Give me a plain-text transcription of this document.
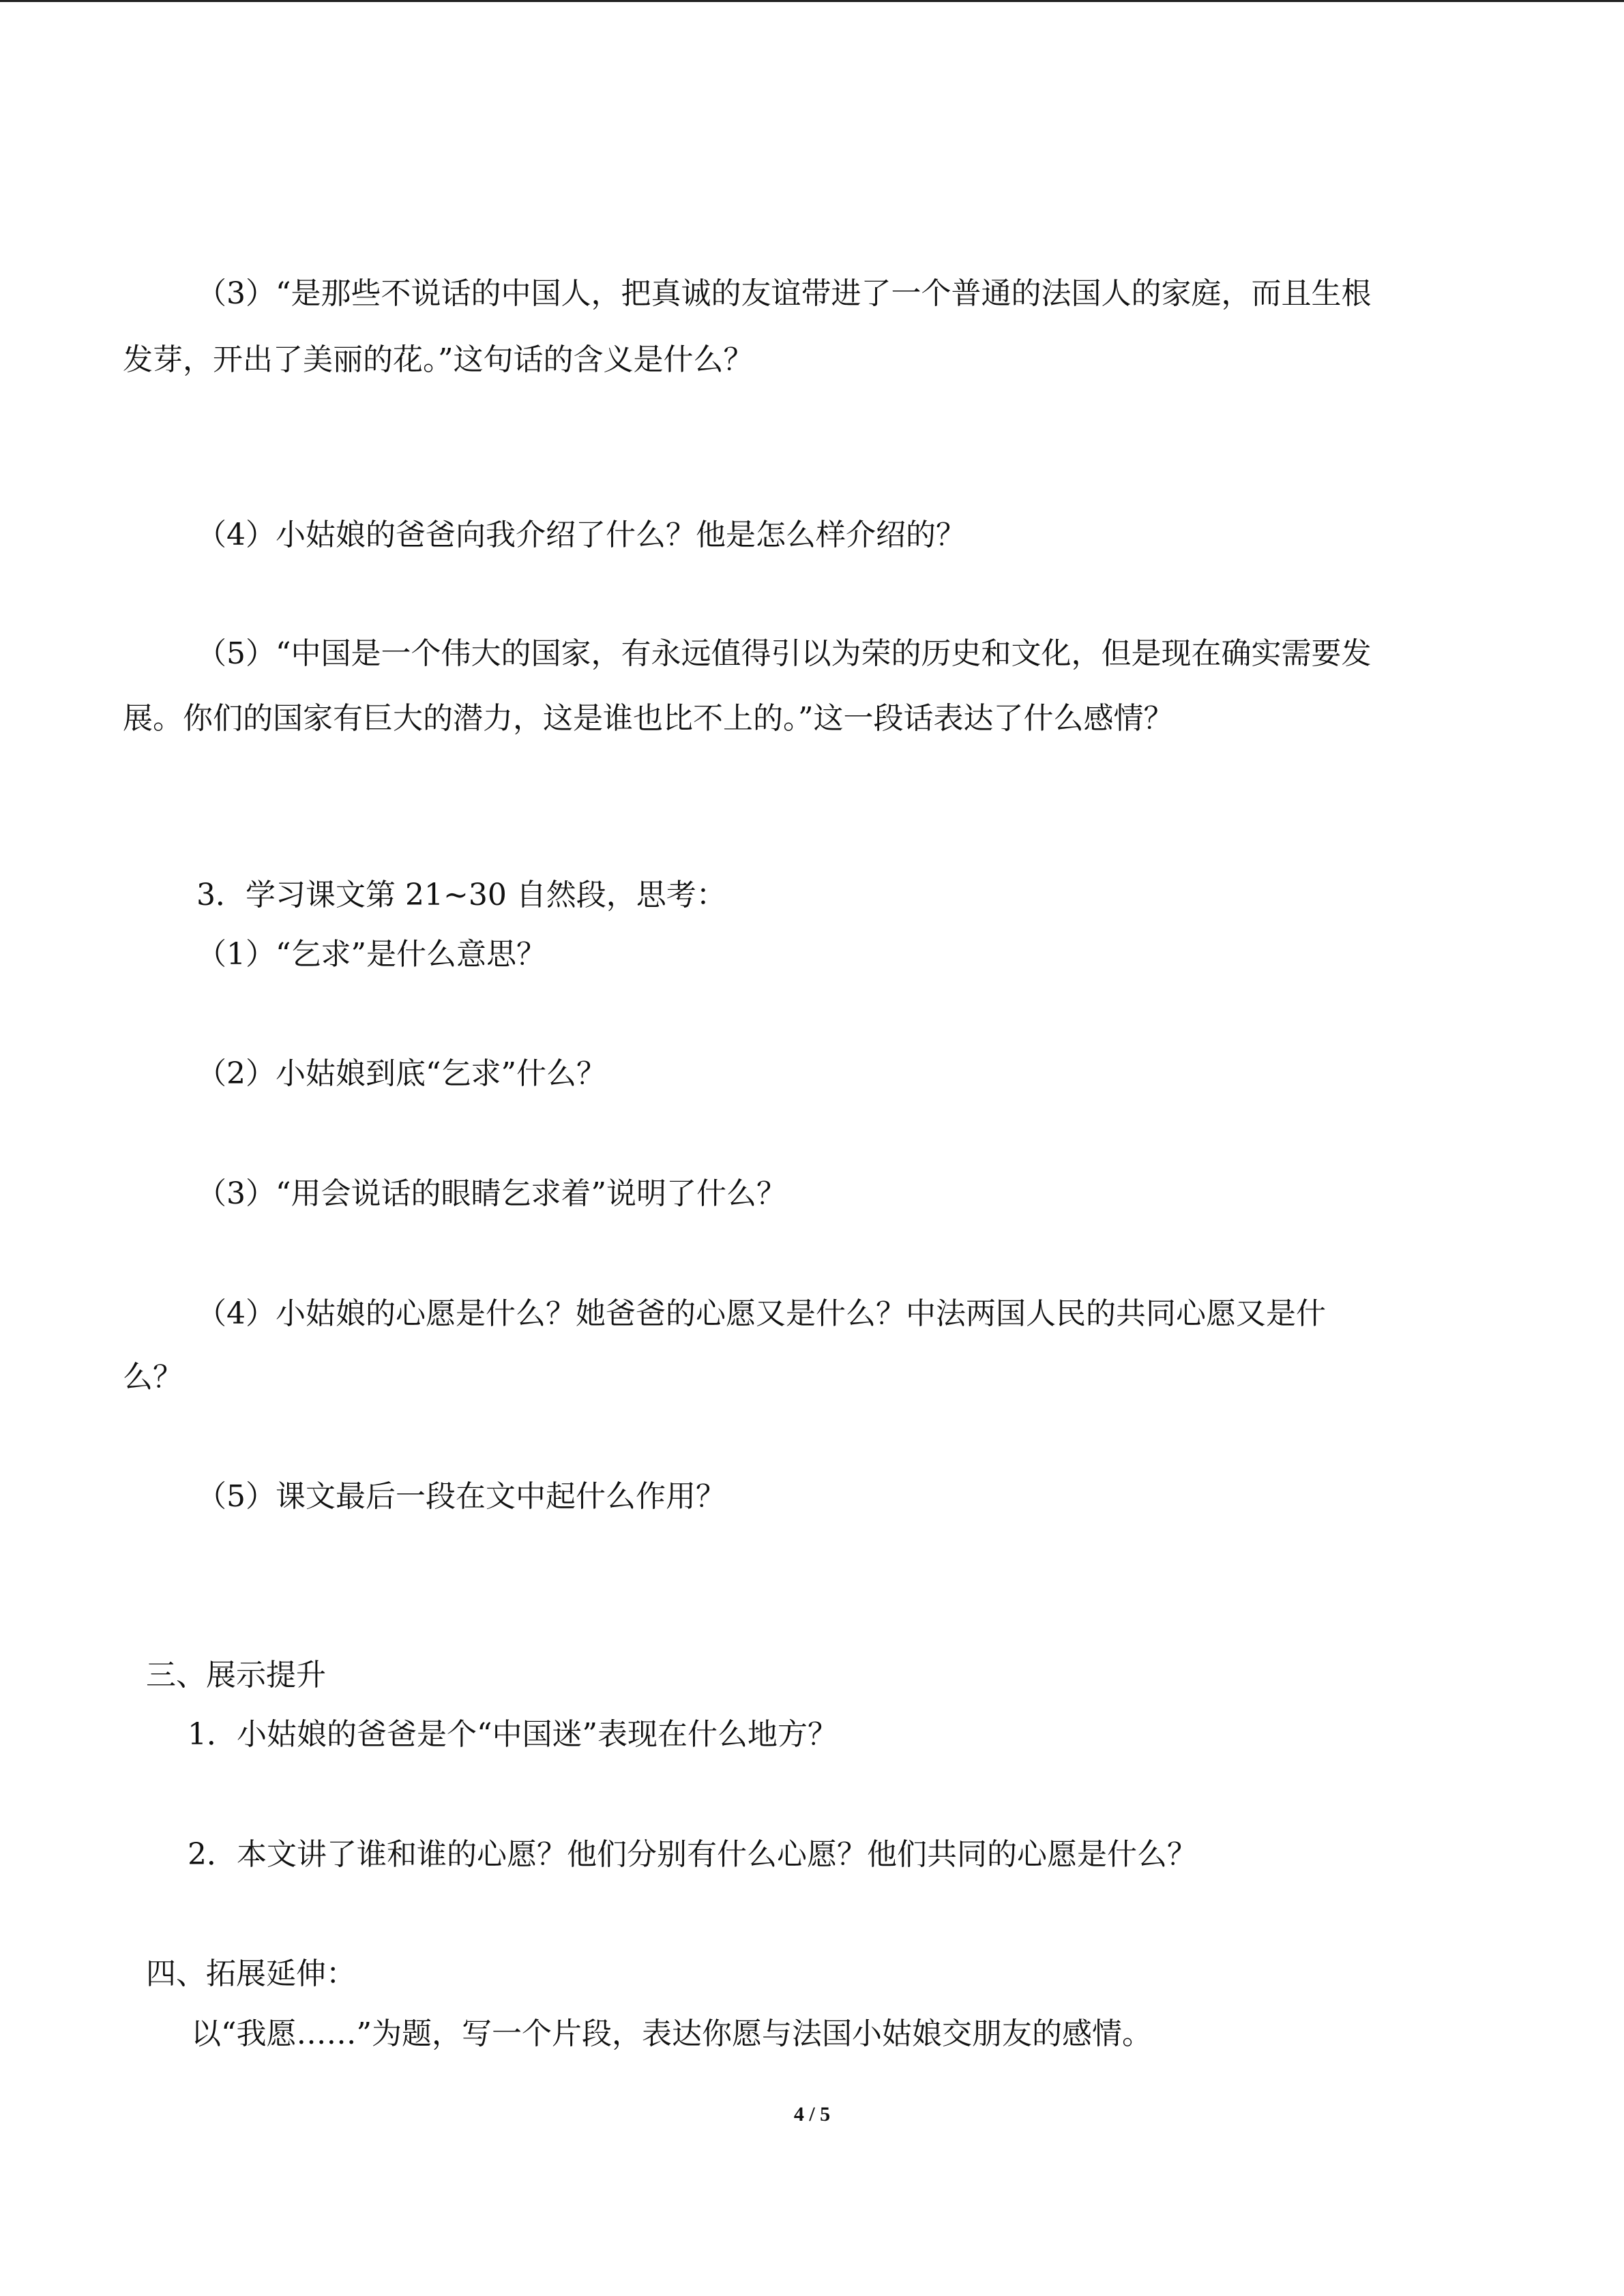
（3）“是那些不说话的中国人，把真诚的友谊带进了一个普通的法国人的家庭，而且生根

发芽，开出了美丽的花。”这句话的含义是什么？

（4）小姑娘的爸爸向我介绍了什么？他是怎么样介绍的？

（5）“中国是一个伟大的国家，有永远值得引以为荣的历史和文化，但是现在确实需要发

展。你们的国家有巨大的潜力，这是谁也比不上的。”这一段话表达了什么感情？

3．学习课文第 21~30 自然段，思考：

（1）“乞求”是什么意思？

（2）小姑娘到底“乞求”什么？

（3）“用会说话的眼睛乞求着”说明了什么？

（4）小姑娘的心愿是什么？她爸爸的心愿又是什么？中法两国人民的共同心愿又是什

么？

（5）课文最后一段在文中起什么作用？

三、展示提升

1．小姑娘的爸爸是个“中国迷”表现在什么地方？

2．本文讲了谁和谁的心愿？他们分别有什么心愿？他们共同的心愿是什么？

四、拓展延伸：

以“我愿……”为题，写一个片段，表达你愿与法国小姑娘交朋友的感情。

4 / 5
